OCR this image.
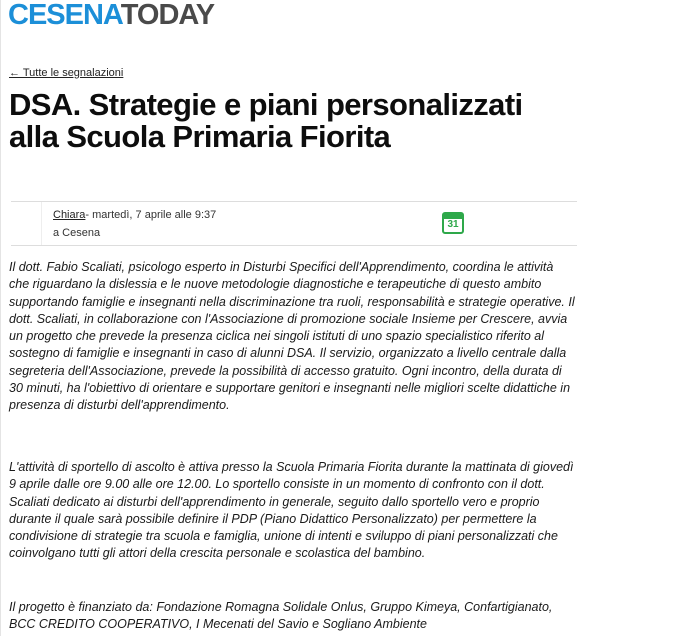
CESENATODAY
← Tutte le segnalazioni
DSA. Strategie e piani personalizzati alla Scuola Primaria Fiorita
Chiara- martedì, 7 aprile alle 9:37
a Cesena
31

Il dott. Fabio Scaliati, psicologo esperto in Disturbi Specifici dell'Apprendimento, coordina le attività che riguardano la dislessia e le nuove metodologie diagnostiche e terapeutiche di questo ambito supportando famiglie e insegnanti nella discriminazione tra ruoli, responsabilità e strategie operative. Il dott. Scaliati, in collaborazione con l'Associazione di promozione sociale Insieme per Crescere, avvia un progetto che prevede la presenza ciclica nei singoli istituti di uno spazio specialistico riferito al sostegno di famiglie e insegnanti in caso di alunni DSA. Il servizio, organizzato a livello centrale dalla segreteria dell'Associazione, prevede la possibilità di accesso gratuito. Ogni incontro, della durata di 30 minuti, ha l'obiettivo di orientare e supportare genitori e insegnanti nelle migliori scelte didattiche in presenza di disturbi dell'apprendimento.

L'attività di sportello di ascolto è attiva presso la Scuola Primaria Fiorita durante la mattinata di giovedì 9 aprile dalle ore 9.00 alle ore 12.00. Lo sportello consiste in un momento di confronto con il dott. Scaliati dedicato ai disturbi dell'apprendimento in generale, seguito dallo sportello vero e proprio durante il quale sarà possibile definire il PDP (Piano Didattico Personalizzato) per permettere la condivisione di strategie tra scuola e famiglia, unione di intenti e sviluppo di piani personalizzati che coinvolgano tutti gli attori della crescita personale e scolastica del bambino.

Il progetto è finanziato da: Fondazione Romagna Solidale Onlus, Gruppo Kimeya, Confartigianato, BCC CREDITO COOPERATIVO, I Mecenati del Savio e Sogliano Ambiente
